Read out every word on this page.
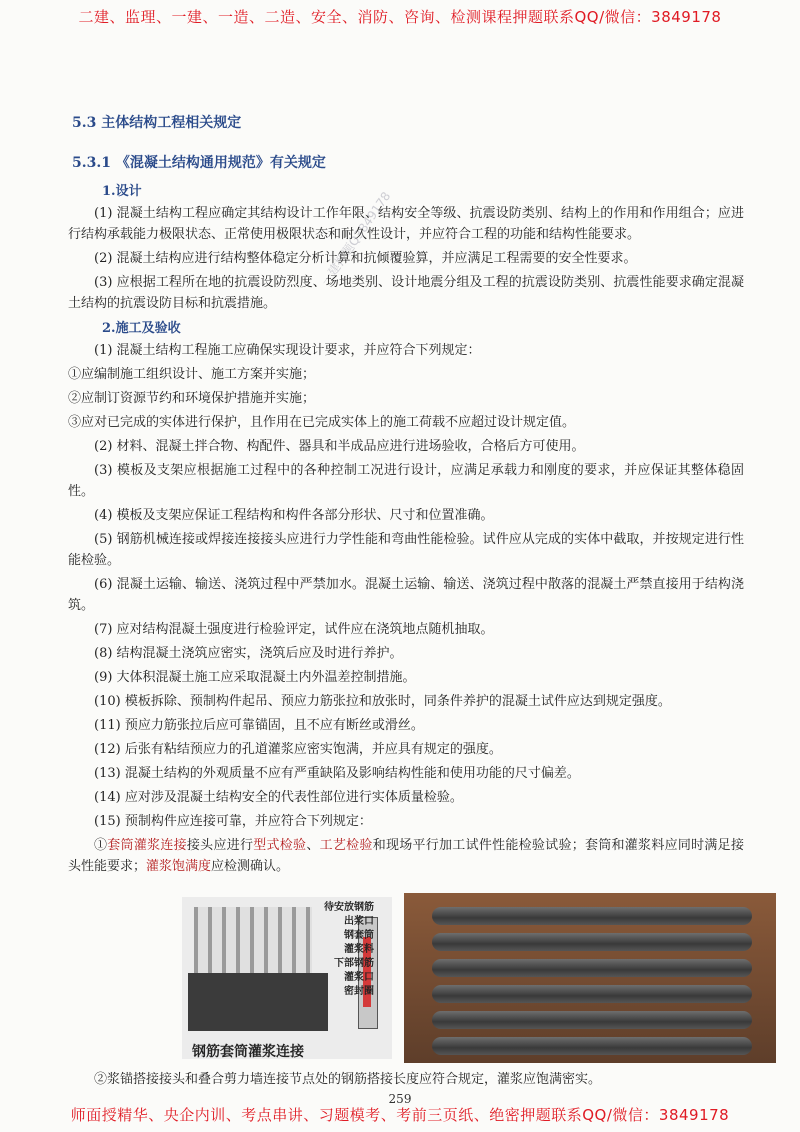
二建、监理、一建、一造、二造、安全、消防、咨询、检测课程押题联系QQ/微信：3849178
一建押题Q3849178
5.3 主体结构工程相关规定
5.3.1 《混凝土结构通用规范》有关规定
1.设计

(1) 混凝土结构工程应确定其结构设计工作年限、结构安全等级、抗震设防类别、结构上的作用和作用组合；应进行结构承载能力极限状态、正常使用极限状态和耐久性设计，并应符合工程的功能和结构性能要求。

(2) 混凝土结构应进行结构整体稳定分析计算和抗倾覆验算，并应满足工程需要的安全性要求。

(3) 应根据工程所在地的抗震设防烈度、场地类别、设计地震分组及工程的抗震设防类别、抗震性能要求确定混凝土结构的抗震设防目标和抗震措施。

2.施工及验收

(1) 混凝土结构工程施工应确保实现设计要求，并应符合下列规定：

①应编制施工组织设计、施工方案并实施；

②应制订资源节约和环境保护措施并实施；

③应对已完成的实体进行保护，且作用在已完成实体上的施工荷载不应超过设计规定值。

(2) 材料、混凝土拌合物、构配件、器具和半成品应进行进场验收，合格后方可使用。

(3) 模板及支架应根据施工过程中的各种控制工况进行设计，应满足承载力和刚度的要求，并应保证其整体稳固性。

(4) 模板及支架应保证工程结构和构件各部分形状、尺寸和位置准确。

(5) 钢筋机械连接或焊接连接接头应进行力学性能和弯曲性能检验。试件应从完成的实体中截取，并按规定进行性能检验。

(6) 混凝土运输、输送、浇筑过程中严禁加水。混凝土运输、输送、浇筑过程中散落的混凝土严禁直接用于结构浇筑。

(7) 应对结构混凝土强度进行检验评定，试件应在浇筑地点随机抽取。

(8) 结构混凝土浇筑应密实，浇筑后应及时进行养护。

(9) 大体积混凝土施工应采取混凝土内外温差控制措施。

(10) 模板拆除、预制构件起吊、预应力筋张拉和放张时，同条件养护的混凝土试件应达到规定强度。

(11) 预应力筋张拉后应可靠锚固，且不应有断丝或滑丝。

(12) 后张有粘结预应力的孔道灌浆应密实饱满，并应具有规定的强度。

(13) 混凝土结构的外观质量不应有严重缺陷及影响结构性能和使用功能的尺寸偏差。

(14) 应对涉及混凝土结构安全的代表性部位进行实体质量检验。

(15) 预制构件应连接可靠，并应符合下列规定：

①套筒灌浆连接接头应进行型式检验、工艺检验和现场平行加工试件性能检验试验；套筒和灌浆料应同时满足接头性能要求；灌浆饱满度应检测确认。

待安放钢筋
出浆口
钢套筒
灌浆料
下部钢筋
灌浆口
密封圈
钢筋套筒灌浆连接

②浆锚搭接接头和叠合剪力墙连接节点处的钢筋搭接长度应符合规定，灌浆应饱满密实。

259
师面授精华、央企内训、考点串讲、习题模考、考前三页纸、绝密押题联系QQ/微信：3849178
